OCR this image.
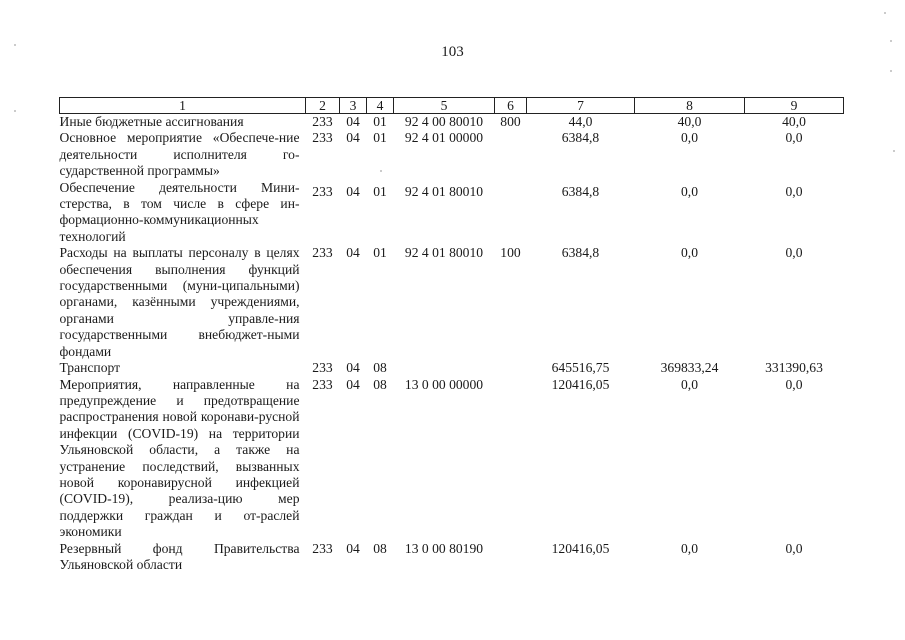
103
1	2	3	4	5	6	7	8	9
Иные бюджетные ассигнования	233	04	01	92 4 00 80010	800	44,0	40,0	40,0
Основное мероприятие «Обеспече-ние деятельности исполнителя го-сударственной программы»	233	04	01	92 4 01 00000		6384,8	0,0	0,0
Обеспечение деятельности Мини-стерства, в том числе в сфере ин-формационно-коммуникационных технологий	233	04	01	92 4 01 80010		6384,8	0,0	0,0
Расходы на выплаты персоналу в целях обеспечения выполнения функций государственными (муни-ципальными) органами, казёнными учреждениями, органами управле-ния государственными внебюджет-ными фондами	233	04	01	92 4 01 80010	100	6384,8	0,0	0,0
Транспорт	233	04	08			645516,75	369833,24	331390,63
Мероприятия, направленные на предупреждение и предотвращение распространения новой коронави-русной инфекции (COVID-19) на территории Ульяновской области, а также на устранение последствий, вызванных новой коронавирусной инфекцией (COVID-19), реализа-цию мер поддержки граждан и от-раслей экономики	233	04	08	13 0 00 00000		120416,05	0,0	0,0
Резервный фонд Правительства Ульяновской области	233	04	08	13 0 00 80190		120416,05	0,0	0,0
